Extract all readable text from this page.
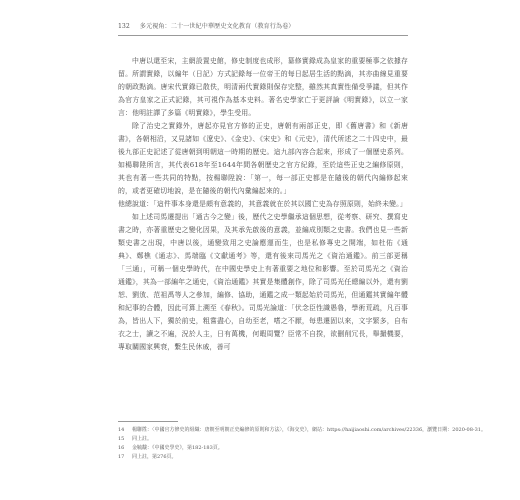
132 多元視角：二十一世紀中華歷史文化教育（教育行為卷）

中唐以還至宋，主網設置史館，修史制度也成形，纂修實錄成為皇家的重要極事之依據存留。所謂實錄，以編年（日記）方式記錄每一位帝王的每日起居生活的點滴，其亦曲線見重要的朝政點滴。唐宋代實錄已散佚，明清兩代實錄則保存完整，雖然其真實性備受爭議，但其作為官方皇家之正式記錄，其可視作為基本史料。著名史學家亡于更評論《明實錄》，以立一家言：他明註譯了多篇《明實錄》，學生受用。

除了治史之實錄外，唐起亦見官方修的正史，唐朝有兩部正史，即《舊唐書》和《新唐書》，各朝相沿，又見諸如《遼史》、《金史》、《宋史》和《元史》，清代所述之二十四史中，最後九部正史記述了從唐朝到明朝這一時期的歷史。這九部內容合起來，形成了一個歷史系列。如楊聯陞所言，其代表618年至1644年間各朝歷史之官方紀錄，至於這些正史之編修原則，其也有著一些共同的特點，按楊聯陞說：「第一，每一部正史都是在隨後的朝代內編修起來的，或者更確切地說，是在隨後的朝代內彙編起來的。」

他總說道：「這件事本身還是頗有意義的，其意義就在於其以國亡史為存照原則，始終未變。」

如上述司馬遷提出「通古今之變」後，歷代之史學繼承這個思想，從考察、研究、撰寫史書之時，亦著重歷史之變化因果，及其承先啟後的意義，並編成別類之史書。我們也見一些新類史書之出現，中唐以後，通變致用之史論應運而生，也是私修專史之開端，如杜佑《通典》、鄭樵《通志》、馬端臨《文獻通考》等，還有後來司馬光之《資治通鑑》。前三部更稱「三通」，可稱一個史學時代，在中國史學史上有著重要之地位和影響。至於司馬光之《資治通鑑》，其為一部編年之通史，《資治通鑑》其實是集體創作，除了司馬光任總編以外，還有劉恕、劉攽、范祖禹等人之參加，編修、協助，通鑑之成一類起始於司馬光，但通鑑其實編年體和紀事的合體，因此可算上溯至《春秋》。司馬光論道：「伏念臣性識愚魯，學術荒疏，凡百事為，皆出人下，獨於前史，粗嘗盡心，自幼至老，嗜之不厭，每患遷固以來，文字繁多，自布衣之士，讀之不遍，況於人主，日有萬機，何暇周覽？臣常不自揆，欲刪削冗長，舉撮機要，專取關國家興衰，繫生民休戚，善可

14 楊聯陞：〈中國官方修史的組織：唐朝至明朝正史編修的原則和方法〉，《海交史》，網站：https://haijiaoshi.com/archives/22336，瀏覽日期：2020-08-31。

15 同上註。

16 金毓黻：《中國史學史》，第182-183頁。

17 同上註，第276頁。
